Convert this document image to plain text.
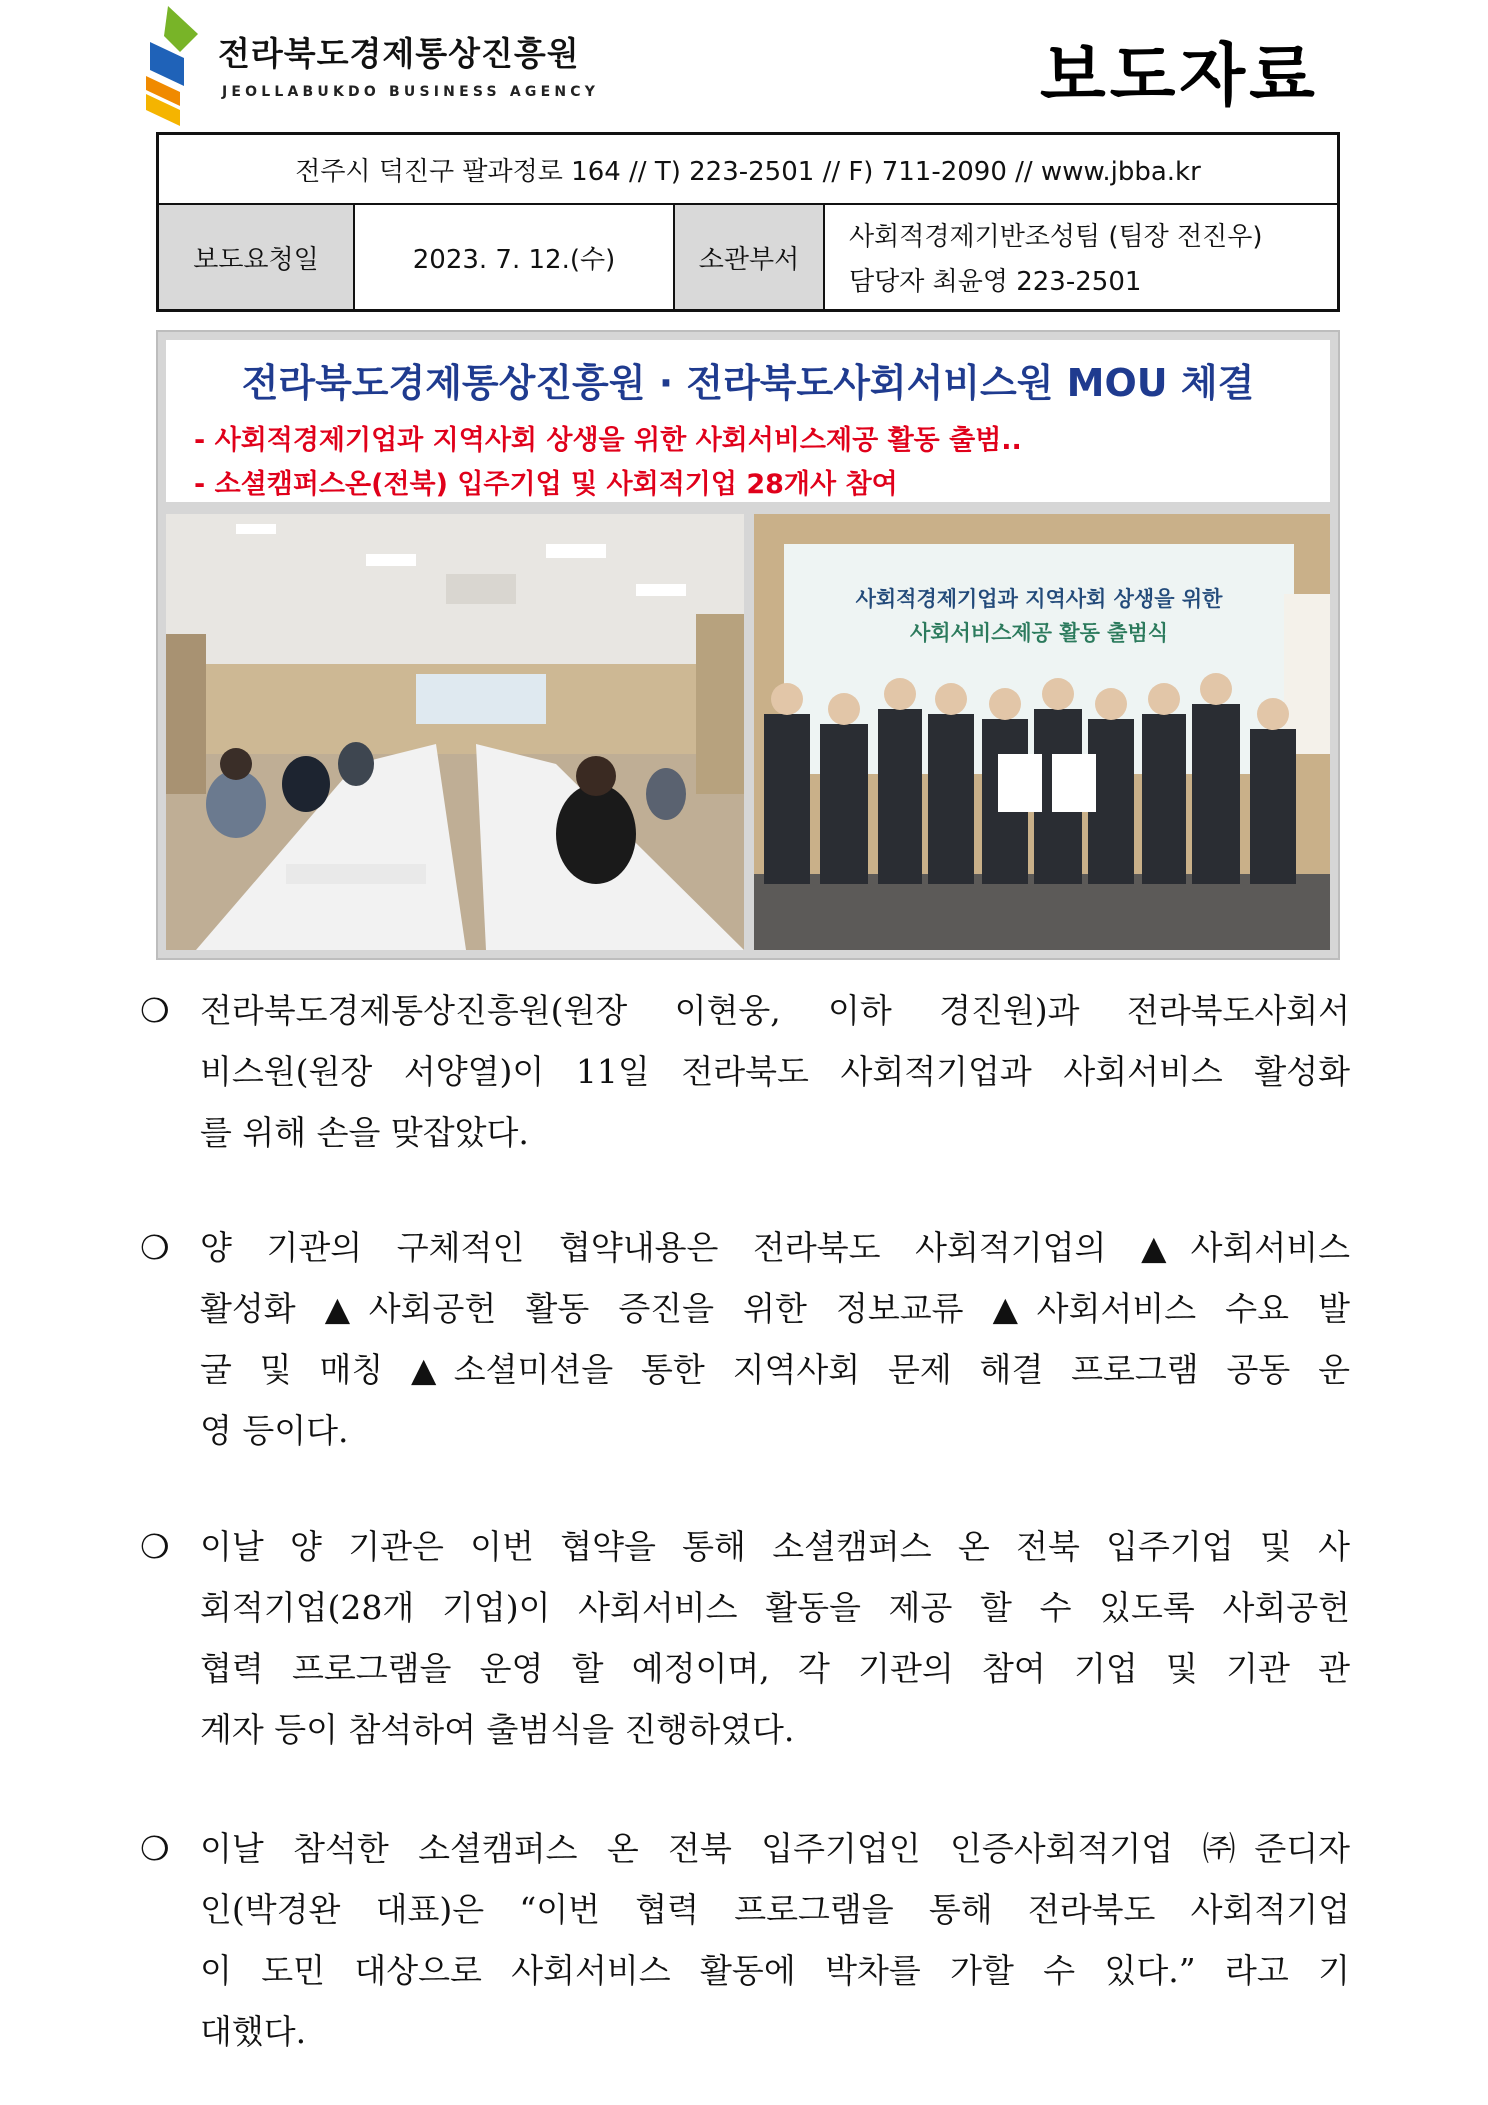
전라북도경제통상진흥원
JEOLLABUKDO BUSINESS AGENCY	보도자료
전주시 덕진구 팔과정로 164 // T) 223-2501 // F) 711-2090 // www.jbba.kr
보도요청일	2023. 7. 12.(수)	소관부서
사회적경제기반조성팀 (팀장 전진우)
담당자 최윤영 223-2501
전라북도경제통상진흥원 · 전라북도사회서비스원 MOU 체결
- 사회적경제기업과 지역사회 상생을 위한 사회서비스제공 활동 출범..
- 소셜캠퍼스온(전북) 입주기업 및 사회적기업 28개사 참여
사회적경제기업과 지역사회 상생을 위한
사회서비스제공 활동 출범식
❍ 전라북도경제통상진흥원(원장 이현웅, 이하 경진원)과 전라북도사회서
비스원(원장 서양열)이 11일 전라북도 사회적기업과 사회서비스 활성화
를 위해 손을 맞잡았다.
❍ 양 기관의 구체적인 협약내용은 전라북도 사회적기업의 ▲사회서비스
활성화 ▲사회공헌 활동 증진을 위한 정보교류 ▲사회서비스 수요 발
굴 및 매칭 ▲소셜미션을 통한 지역사회 문제 해결 프로그램 공동 운
영 등이다.
❍ 이날 양 기관은 이번 협약을 통해 소셜캠퍼스 온 전북 입주기업 및 사
회적기업(28개 기업)이 사회서비스 활동을 제공 할 수 있도록 사회공헌
협력 프로그램을 운영 할 예정이며, 각 기관의 참여 기업 및 기관 관
계자 등이 참석하여 출범식을 진행하였다.
❍ 이날 참석한 소셜캠퍼스 온 전북 입주기업인 인증사회적기업 ㈜준디자
인(박경완 대표)은 “이번 협력 프로그램을 통해 전라북도 사회적기업
이 도민 대상으로 사회서비스 활동에 박차를 가할 수 있다.” 라고 기
대했다.
